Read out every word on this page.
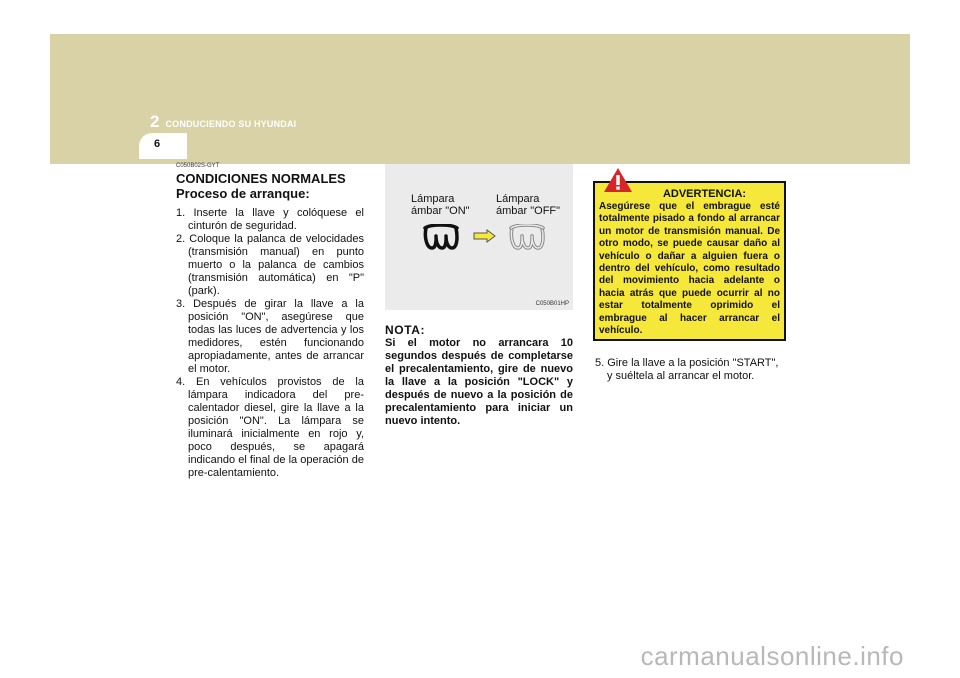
2 CONDUCIENDO SU HYUNDAI
6
C050B02S-GYT
CONDICIONES NORMALES
Proceso de arranque:
1. Inserte la llave y colóquese el cinturón de seguridad.
2. Coloque la palanca de velocidades (transmisión manual) en punto muerto o la palanca de cambios (transmisión automática) en "P" (park).
3. Después de girar la llave a la posición "ON", asegúrese que todas las luces de advertencia y los medidores, estén funcionando apropiadamente, antes de arrancar el motor.
4. En vehículos provistos de la lámpara indicadora del pre-calentador diesel, gire la llave a la posición "ON". La lámpara se iluminará inicialmente en rojo y, poco después, se apagará indicando el final de la operación de pre-calentamiento.
Lámpara
ámbar "ON"
Lámpara
ámbar "OFF"
C050B01HP
NOTA:
Si el motor no arrancara 10 segundos después de completarse el precalentamiento, gire de nuevo la llave a la posición "LOCK" y después de nuevo a la posición de precalentamiento para iniciar un nuevo intento.
ADVERTENCIA:
Asegúrese que el embrague esté totalmente pisado a fondo al arrancar un motor de transmisión manual. De otro modo, se puede causar daño al vehículo o dañar a alguien fuera o dentro del vehículo, como resultado del movimiento hacia adelante o hacia atrás que puede ocurrir al no estar totalmente oprimido el embrague al hacer arrancar el vehículo.

5. Gire la llave a la posición "START", y suéltela al arrancar el motor.

carmanualsonline.info
